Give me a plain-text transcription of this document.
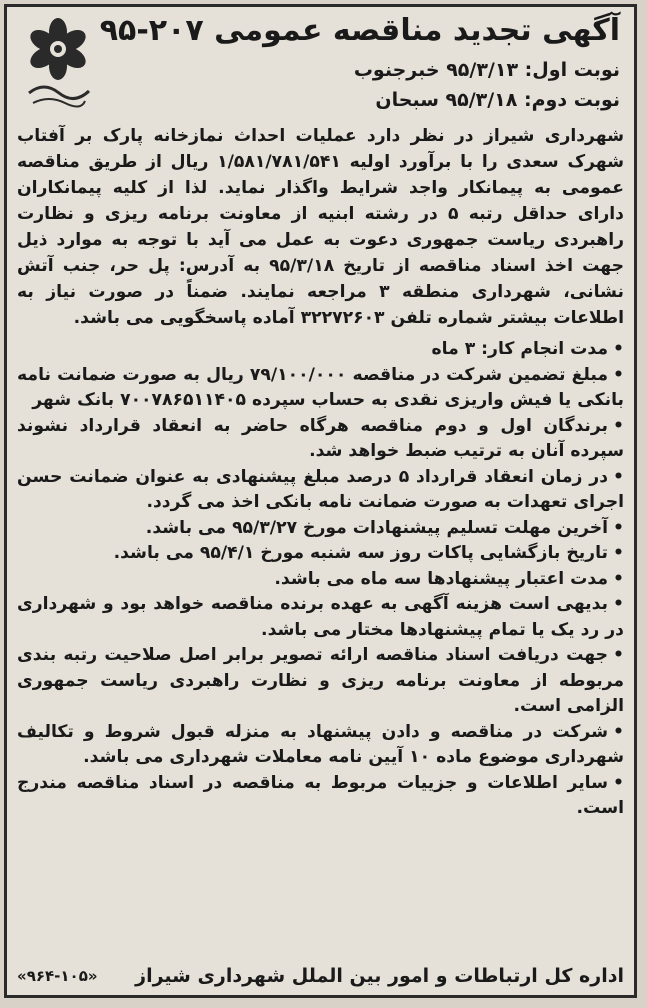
آگهی تجدید مناقصه عمومی ۲۰۷-۹۵
نوبت اول: ۹۵/۳/۱۳ خبرجنوب
نوبت دوم: ۹۵/۳/۱۸ سبحان

شهرداری شیراز در نظر دارد عملیات احداث نمازخانه پارک بر آفتاب شهرک سعدی را با برآورد اولیه ۱/۵۸۱/۷۸۱/۵۴۱ ریال از طریق مناقصه عمومی به پیمانکار واجد شرایط واگذار نماید. لذا از کلیه پیمانکاران دارای حداقل رتبه ۵ در رشته ابنیه از معاونت برنامه ریزی و نظارت راهبردی ریاست جمهوری دعوت به عمل می آید با توجه به موارد ذیل جهت اخذ اسناد مناقصه از تاریخ ۹۵/۳/۱۸ به آدرس: پل حر، جنب آتش نشانی، شهرداری منطقه ۳ مراجعه نمایند. ضمناً در صورت نیاز به اطلاعات بیشتر شماره تلفن ۳۲۲۷۲۶۰۳ آماده پاسخگویی می باشد.

•مدت انجام کار: ۳ ماه

•مبلغ تضمین شرکت در مناقصه ۷۹/۱۰۰/۰۰۰ ریال به صورت ضمانت نامه بانکی یا فیش واریزی نقدی به حساب سپرده ۷۰۰۷۸۶۵۱۱۴۰۵ بانک شهر

•برندگان اول و دوم مناقصه هرگاه حاضر به انعقاد قرارداد نشوند سپرده آنان به ترتیب ضبط خواهد شد.

•در زمان انعقاد قرارداد ۵ درصد مبلغ پیشنهادی به عنوان ضمانت حسن اجرای تعهدات به صورت ضمانت نامه بانکی اخذ می گردد.

•آخرین مهلت تسلیم پیشنهادات مورخ ۹۵/۳/۲۷ می باشد.

•تاریخ بازگشایی پاکات روز سه شنبه مورخ ۹۵/۴/۱ می باشد.

•مدت اعتبار پیشنهادها سه ماه می باشد.

•بدیهی است هزینه آگهی به عهده برنده مناقصه خواهد بود و شهرداری در رد یک یا تمام پیشنهادها مختار می باشد.

•جهت دریافت اسناد مناقصه ارائه تصویر برابر اصل صلاحیت رتبه بندی مربوطه از معاونت برنامه ریزی و نظارت راهبردی ریاست جمهوری الزامی است.

•شرکت در مناقصه و دادن پیشنهاد به منزله قبول شروط و تکالیف شهرداری موضوع ماده ۱۰ آیین نامه معاملات شهرداری می باشد.

•سایر اطلاعات و جزییات مربوط به مناقصه در اسناد مناقصه مندرج است.

اداره کل ارتباطات و امور بین الملل شهرداری شیراز
«۹۶۴-۱۰۵»
